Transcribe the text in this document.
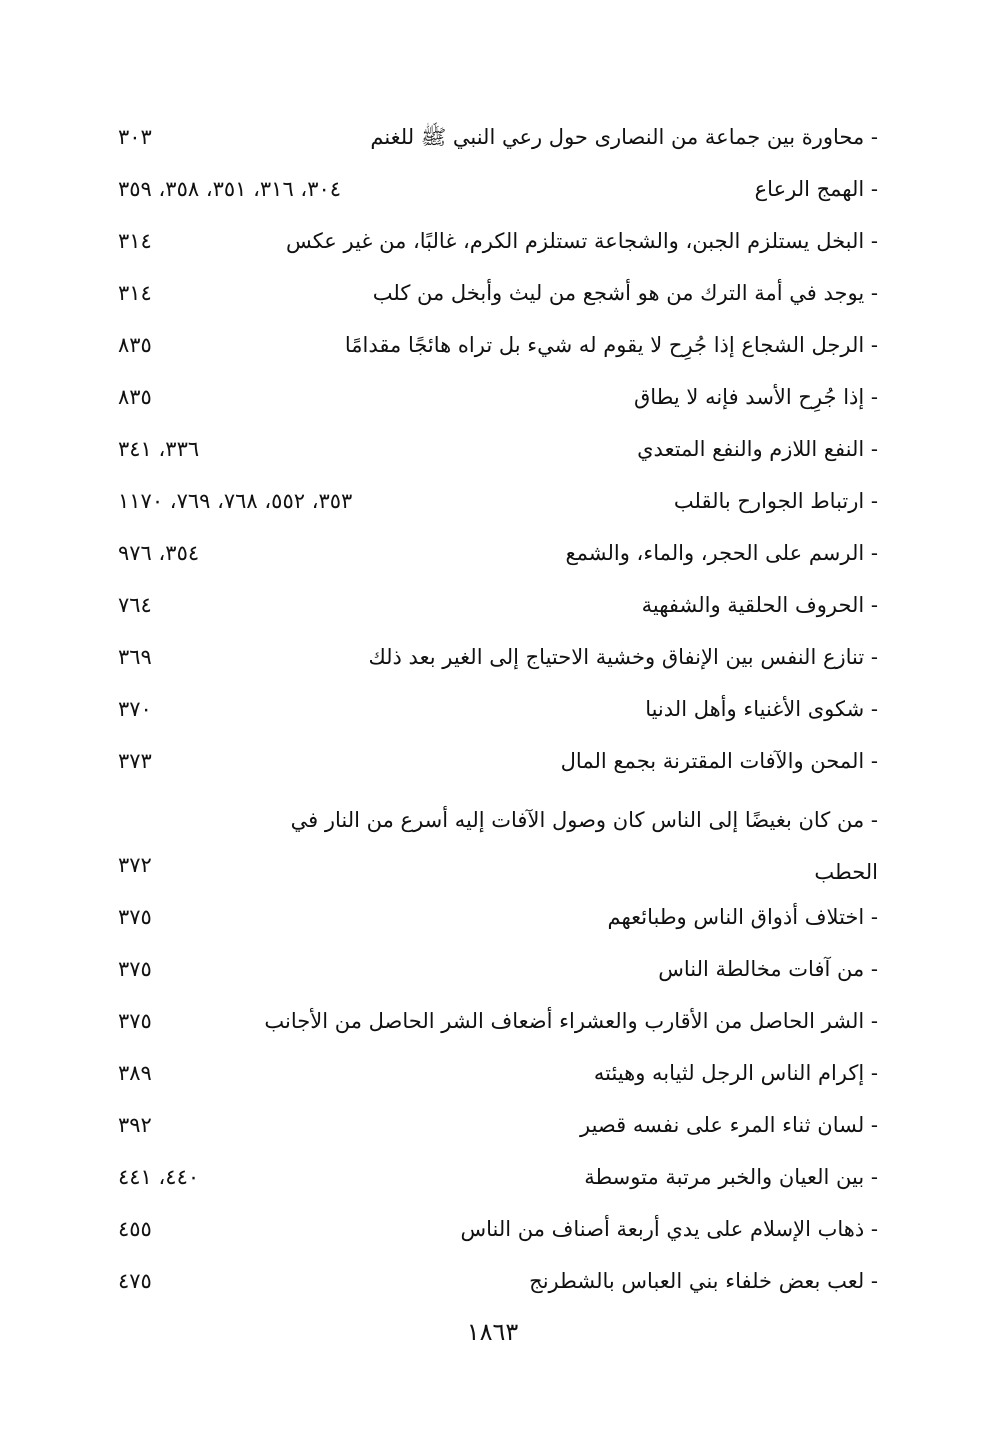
- محاورة بين جماعة من النصارى حول رعي النبي ﷺ للغنم
٣٠٣
- الهمج الرعاع
٣٠٤، ٣١٦، ٣٥١، ٣٥٨، ٣٥٩
- البخل يستلزم الجبن، والشجاعة تستلزم الكرم، غالبًا، من غير عكس
٣١٤
- يوجد في أمة الترك من هو أشجع من ليث وأبخل من كلب
٣١٤
- الرجل الشجاع إذا جُرِح لا يقوم له شيء بل تراه هائجًا مقدامًا
٨٣٥
- إذا جُرِح الأسد فإنه لا يطاق
٨٣٥
- النفع اللازم والنفع المتعدي
٣٣٦، ٣٤١
- ارتباط الجوارح بالقلب
٣٥٣، ٥٥٢، ٧٦٨، ٧٦٩، ١١٧٠
- الرسم على الحجر، والماء، والشمع
٣٥٤، ٩٧٦
- الحروف الحلقية والشفهية
٧٦٤
- تنازع النفس بين الإنفاق وخشية الاحتياج إلى الغير بعد ذلك
٣٦٩
- شكوى الأغنياء وأهل الدنيا
٣٧٠
- المحن والآفات المقترنة بجمع المال
٣٧٣
- من كان بغيضًا إلى الناس كان وصول الآفات إليه أسرع من النار في الحطب
٣٧٢
- اختلاف أذواق الناس وطبائعهم
٣٧٥
- من آفات مخالطة الناس
٣٧٥
- الشر الحاصل من الأقارب والعشراء أضعاف الشر الحاصل من الأجانب
٣٧٥
- إكرام الناس الرجل لثيابه وهيئته
٣٨٩
- لسان ثناء المرء على نفسه قصير
٣٩٢
- بين العيان والخبر مرتبة متوسطة
٤٤٠، ٤٤١
- ذهاب الإسلام على يدي أربعة أصناف من الناس
٤٥٥
- لعب بعض خلفاء بني العباس بالشطرنج
٤٧٥
١٨٦٣
